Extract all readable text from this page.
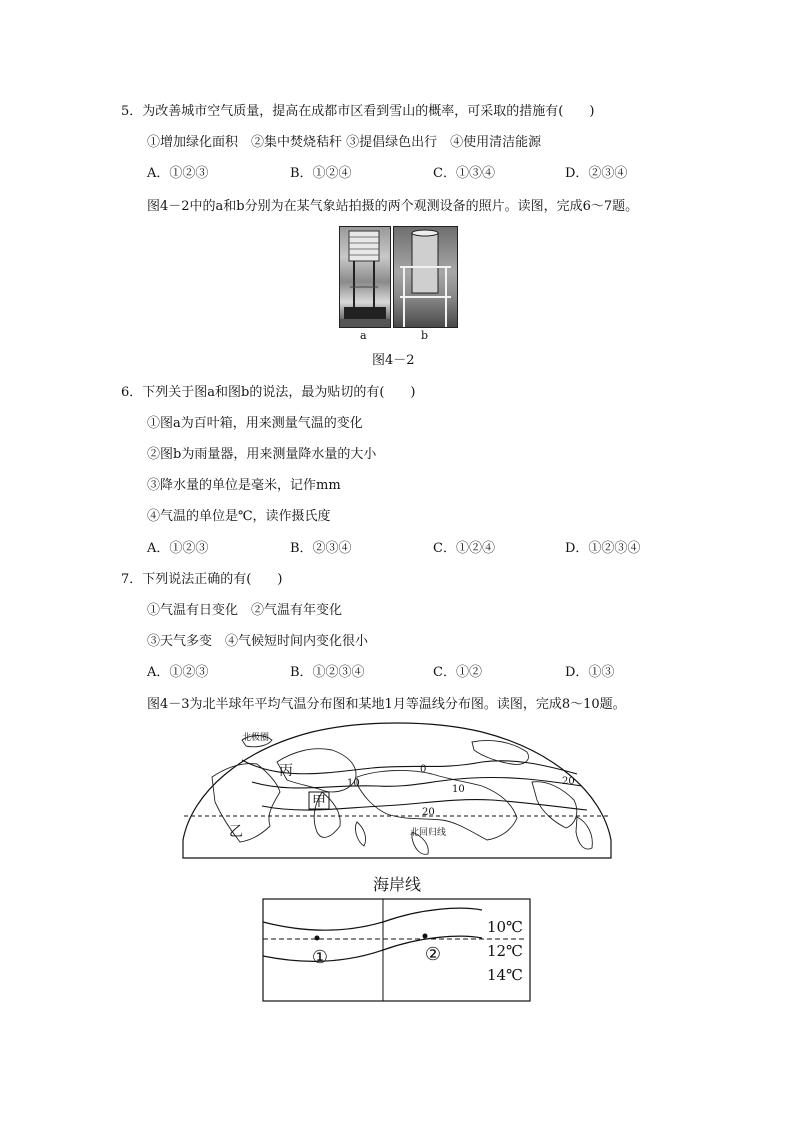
5．为改善城市空气质量，提高在成都市区看到雪山的概率，可采取的措施有(　　)
①增加绿化面积　②集中焚烧秸秆 ③提倡绿色出行　④使用清洁能源
A．①②③	B．①②④	C．①③④	D．②③④
图4－2中的a和b分别为在某气象站拍摄的两个观测设备的照片。读图，完成6～7题。
a	b
图4－2
6．下列关于图a和图b的说法，最为贴切的有(　　)
①图a为百叶箱，用来测量气温的变化
②图b为雨量器，用来测量降水量的大小
③降水量的单位是毫米，记作mm
④气温的单位是℃，读作摄氏度
A．①②③	B．②③④	C．①②④	D．①②③④
7．下列说法正确的有(　　)
①气温有日变化　②气温有年变化
③天气多变　④气候短时间内变化很小
A．①②③	B．①②③④	C．①②	D．①③
图4－3为北半球年平均气温分布图和某地1月等温线分布图。读图，完成8～10题。
北极圈
丙
甲
乙	北回归线
0
10
20
10	20
海岸线
①	②
10℃
12℃
14℃
